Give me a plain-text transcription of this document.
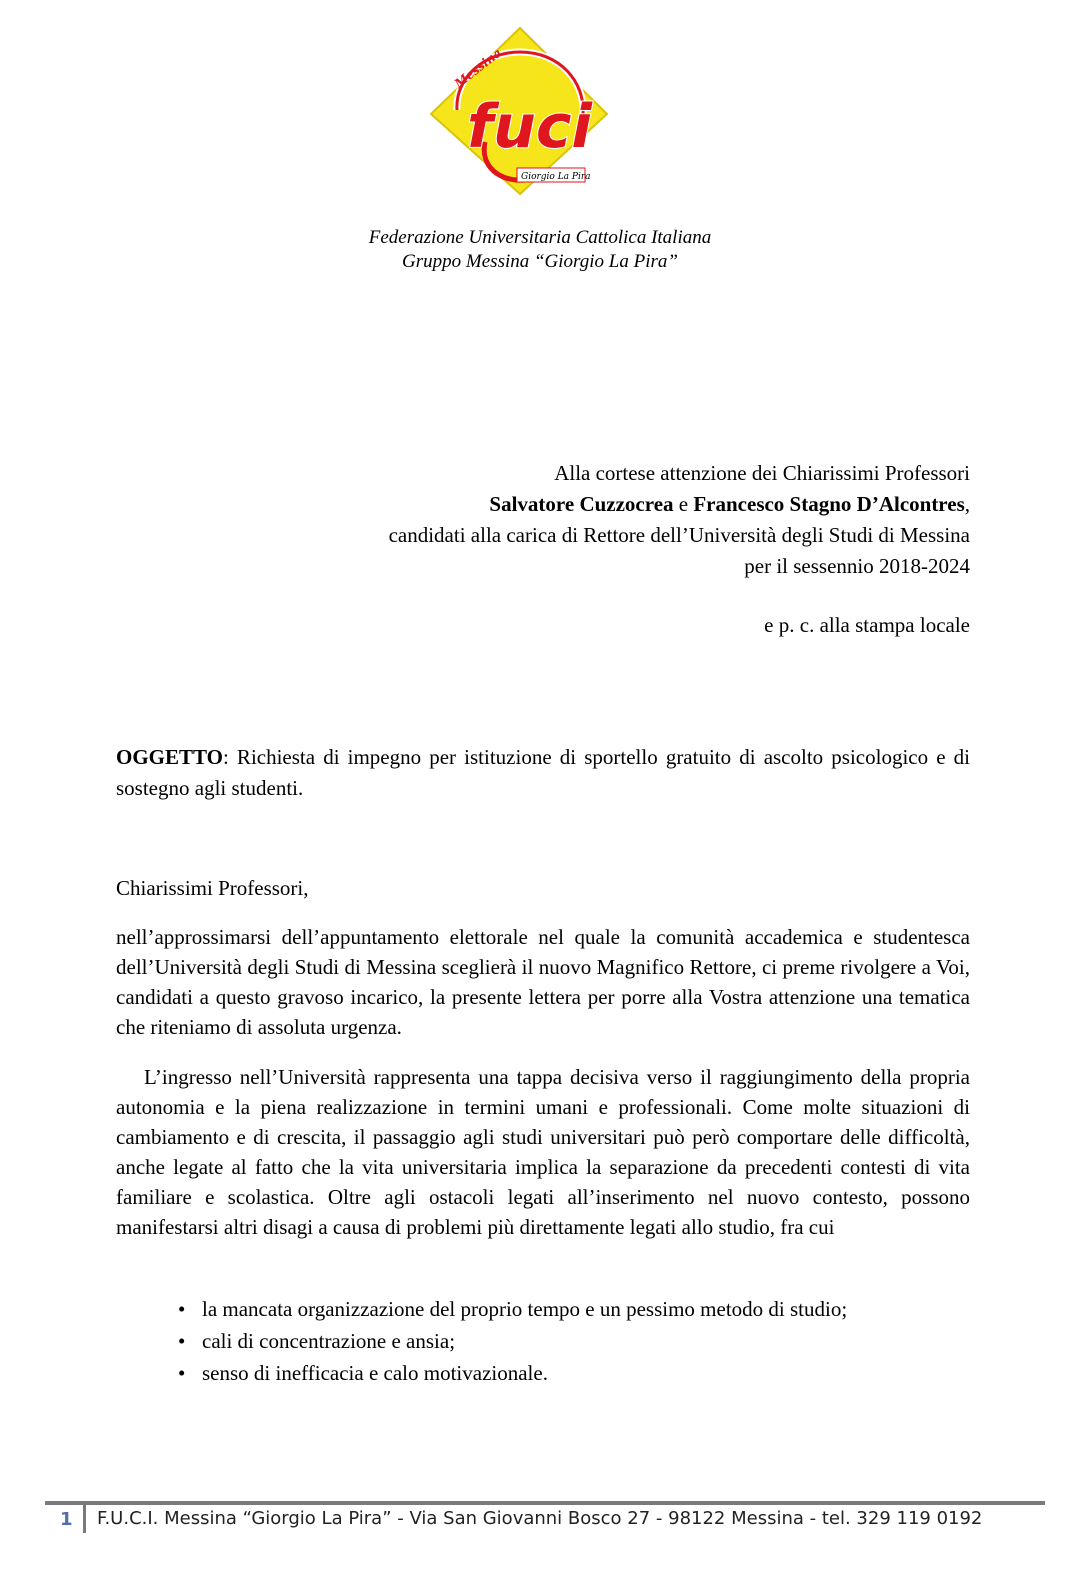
Messina
fuci
Giorgio La Pira
Federazione Universitaria Cattolica Italiana
Gruppo Messina “Giorgio La Pira”
Alla cortese attenzione dei Chiarissimi Professori
Salvatore Cuzzocrea e Francesco Stagno D’Alcontres,
candidati alla carica di Rettore dell’Università degli Studi di Messina
per il sessennio 2018-2024
e p. c. alla stampa locale
OGGETTO: Richiesta di impegno per istituzione di sportello gratuito di ascolto psicologico e di sostegno agli studenti.
Chiarissimi Professori,
nell’approssimarsi dell’appuntamento elettorale nel quale la comunità accademica e studentesca dell’Università degli Studi di Messina sceglierà il nuovo Magnifico Rettore, ci preme rivolgere a Voi, candidati a questo gravoso incarico, la presente lettera per porre alla Vostra attenzione una tematica che riteniamo di assoluta urgenza.
L’ingresso nell’Università rappresenta una tappa decisiva verso il raggiungimento della propria autonomia e la piena realizzazione in termini umani e professionali. Come molte situazioni di cambiamento e di crescita, il passaggio agli studi universitari può però comportare delle difficoltà, anche legate al fatto che la vita universitaria implica la separazione da precedenti contesti di vita familiare e scolastica. Oltre agli ostacoli legati all’inserimento nel nuovo contesto, possono manifestarsi altri disagi a causa di problemi più direttamente legati allo studio, fra cui
• la mancata organizzazione del proprio tempo e un pessimo metodo di studio;
• cali di concentrazione e ansia;
• senso di inefficacia e calo motivazionale.
1 F.U.C.I. Messina “Giorgio La Pira” - Via San Giovanni Bosco 27 - 98122 Messina - tel. 329 119 0192
